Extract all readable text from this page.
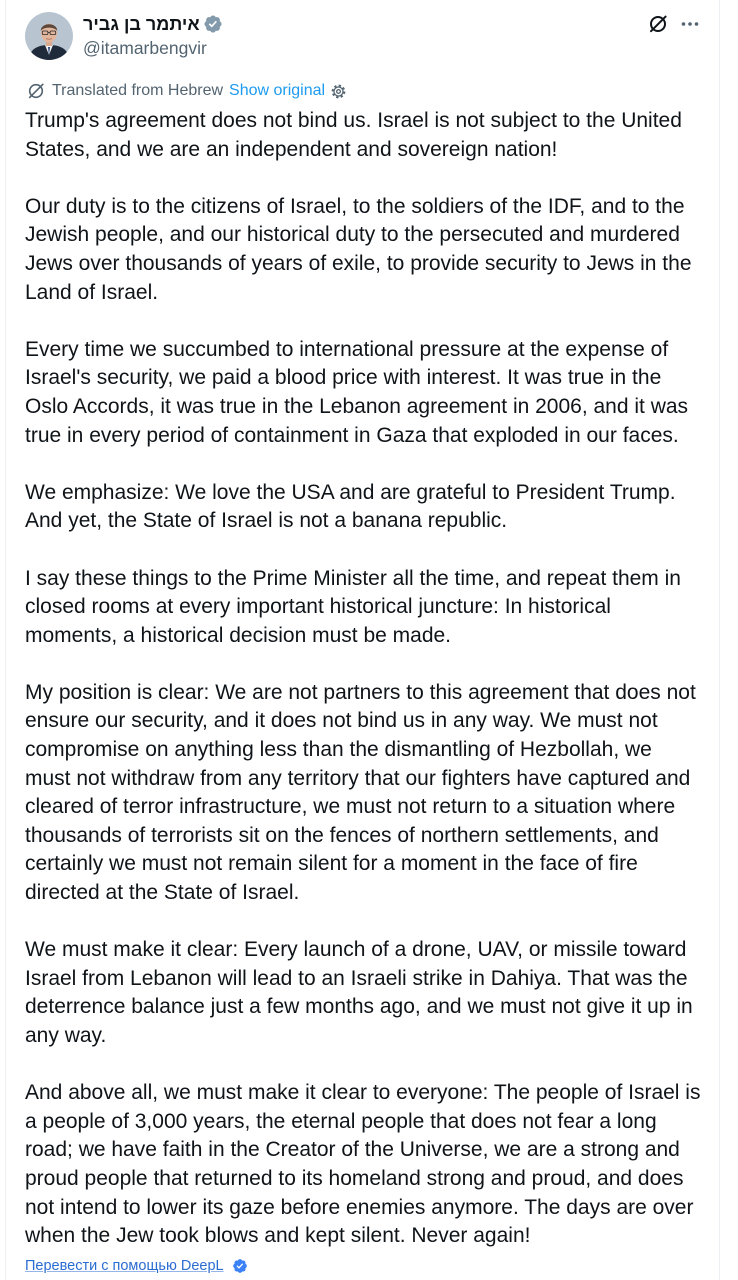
איתמר בן גביר
@itamarbengvir
Translated from Hebrew Show original
Trump's agreement does not bind us. Israel is not subject to the United
States, and we are an independent and sovereign nation!
Our duty is to the citizens of Israel, to the soldiers of the IDF, and to the
Jewish people, and our historical duty to the persecuted and murdered
Jews over thousands of years of exile, to provide security to Jews in the
Land of Israel.
Every time we succumbed to international pressure at the expense of
Israel's security, we paid a blood price with interest. It was true in the
Oslo Accords, it was true in the Lebanon agreement in 2006, and it was
true in every period of containment in Gaza that exploded in our faces.
We emphasize: We love the USA and are grateful to President Trump.
And yet, the State of Israel is not a banana republic.
I say these things to the Prime Minister all the time, and repeat them in
closed rooms at every important historical juncture: In historical
moments, a historical decision must be made.
My position is clear: We are not partners to this agreement that does not
ensure our security, and it does not bind us in any way. We must not
compromise on anything less than the dismantling of Hezbollah, we
must not withdraw from any territory that our fighters have captured and
cleared of terror infrastructure, we must not return to a situation where
thousands of terrorists sit on the fences of northern settlements, and
certainly we must not remain silent for a moment in the face of fire
directed at the State of Israel.
We must make it clear: Every launch of a drone, UAV, or missile toward
Israel from Lebanon will lead to an Israeli strike in Dahiya. That was the
deterrence balance just a few months ago, and we must not give it up in
any way.
And above all, we must make it clear to everyone: The people of Israel is
a people of 3,000 years, the eternal people that does not fear a long
road; we have faith in the Creator of the Universe, we are a strong and
proud people that returned to its homeland strong and proud, and does
not intend to lower its gaze before enemies anymore. The days are over
when the Jew took blows and kept silent. Never again!
Перевести с помощью DeepL
